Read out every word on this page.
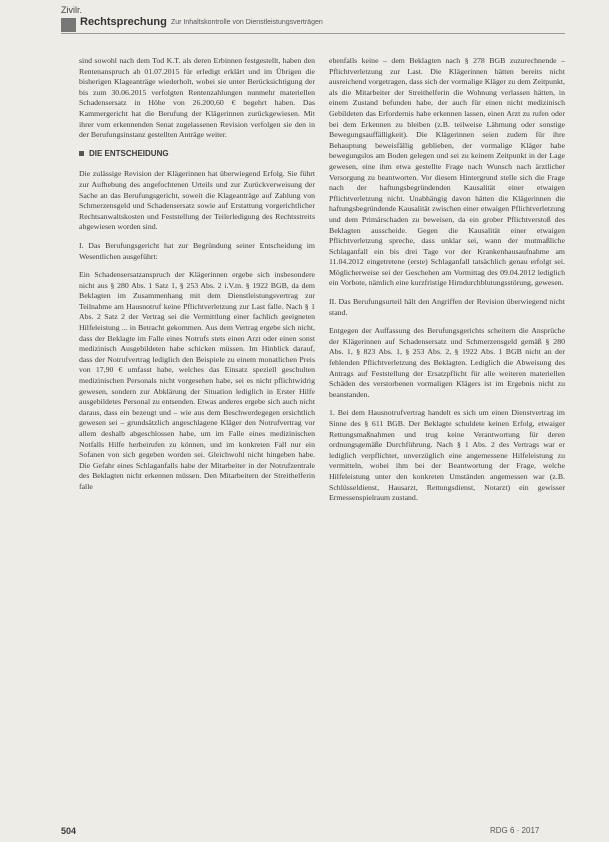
Zivilr.
Rechtsprechung Zur Inhaltskontrolle von Dienstleistungsverträgen

sind sowohl nach dem Tod K.T. als deren Erbinnen festgestellt, haben den Rentenanspruch ab 01.07.2015 für erledigt erklärt und im Übrigen die bisherigen Klageanträge wiederholt, wobei sie unter Berücksichtigung der bis zum 30.06.2015 verfolgten Rentenzahlungen nunmehr materiellen Schadensersatz in Höhe von 26.200,60 € begehrt haben. Das Kammergericht hat die Berufung der Klägerinnen zurückgewiesen. Mit ihrer vom erkennenden Senat zugelassenen Revision verfolgen sie den in der Berufungsinstanz gestellten Anträge weiter.

DIE ENTSCHEIDUNG

Die zulässige Revision der Klägerinnen hat überwiegend Erfolg. Sie führt zur Aufhebung des angefochtenen Urteils und zur Zurückverweisung der Sache an das Berufungsgericht, soweit die Klageanträge auf Zahlung von Schmerzensgeld und Schadensersatz sowie auf Erstattung vorgerichtlicher Rechtsanwaltskosten und Feststellung der Teilerledigung des Rechtsstreits abgewiesen worden sind.

I. Das Berufungsgericht hat zur Begründung seiner Entscheidung im Wesentlichen ausgeführt:

Ein Schadensersatzanspruch der Klägerinnen ergebe sich insbesondere nicht aus § 280 Abs. 1 Satz 1, § 253 Abs. 2 i.V.m. § 1922 BGB, da dem Beklagten im Zusammenhang mit dem Dienstleistungsvertrag zur Teilnahme am Hausnotruf keine Pflichtverletzung zur Last falle. Nach § 1 Abs. 2 Satz 2 der Vertrag sei die Vermittlung einer fachlich geeigneten Hilfeleistung ... in Betracht gekommen. Aus dem Vertrag ergebe sich nicht, dass der Beklagte im Falle eines Notrufs stets einen Arzt oder einen sonst medizinisch Ausgebildeten habe schicken müssen. Im Hinblick darauf, dass der Notrufvertrag lediglich den Beispiele zu einem monatlichen Preis von 17,90 € umfasst habe, welches das Einsatz speziell geschulten medizinischen Personals nicht vorgesehen habe, sei es nicht pflichtwidrig gewesen, sondern zur Abklärung der Situation lediglich in Erster Hilfe ausgebildetes Personal zu entsenden. Etwas anderes ergebe sich auch nicht daraus, dass ein bezeugt und – wie aus dem Beschwerdegegen ersichtlich gewesen sei – grundsätzlich angeschlagene Kläger den Notrufvertrag vor allem deshalb abgeschlossen habe, um im Falle eines medizinischen Notfalls Hilfe herbeirufen zu können, und im konkreten Fall nur ein Sofanen von sich gegeben worden sei. Gleichwohl nicht hingeben habe. Die Gefahr eines Schlaganfalls habe der Mitarbeiter in der Notrufzentrale des Beklagten nicht erkennen müssen. Den Mitarbeitern der Streithelferin falle

ebenfalls keine – dem Beklagten nach § 278 BGB zuzurechnende – Pflichtverletzung zur Last. Die Klägerinnen hätten bereits nicht ausreichend vorgetragen, dass sich der vormalige Kläger zu dem Zeitpunkt, als die Mitarbeiter der Streithelferin die Wohnung verlassen hätten, in einem Zustand befunden habe, der auch für einen nicht medizinisch Gebildeten das Erfordernis habe erkennen lassen, einen Arzt zu rufen oder bei dem Erkennen zu bleiben (z.B. teilweise Lähmung oder sonstige Bewegungsauffälligkeit). Die Klägerinnen seien zudem für ihre Behauptung beweisfällig geblieben, der vormalige Kläger habe bewegungslos am Boden gelegen und sei zu keinem Zeitpunkt in der Lage gewesen, eine ihm etwa gestellte Frage nach Wunsch nach ärztlicher Versorgung zu beantworten. Vor diesem Hintergrund stelle sich die Frage nach der haftungsbegründenden Kausalität einer etwaigen Pflichtverletzung nicht. Unabhängig davon hätten die Klägerinnen die haftungsbegründende Kausalität zwischen einer etwaigen Pflichtverletzung und dem Primärschaden zu beweisen, da ein grober Pflichtverstoß des Beklagten ausscheide. Gegen die Kausalität einer etwaigen Pflichtverletzung spreche, dass unklar sei, wann der mutmaßliche Schlaganfall ein bis drei Tage vor der Krankenhausaufnahme am 11.04.2012 eingetretene (erste) Schlaganfall tatsächlich genau erfolgt sei. Möglicherweise sei der Geschehen am Vormittag des 09.04.2012 lediglich ein Vorbote, nämlich eine kurzfristige Hirndurchblutungsstörung, gewesen.

II. Das Berufungsurteil hält den Angriffen der Revision überwiegend nicht stand.

Entgegen der Auffassung des Berufungsgerichts scheitern die Ansprüche der Klägerinnen auf Schadensersatz und Schmerzensgeld gemäß § 280 Abs. 1, § 823 Abs. 1, § 253 Abs. 2, § 1922 Abs. 1 BGB nicht an der fehlenden Pflichtverletzung des Beklagten. Lediglich die Abweisung des Antrags auf Feststellung der Ersatzpflicht für alle weiteren materiellen Schäden des verstorbenen vormaligen Klägers ist im Ergebnis nicht zu beanstanden.

1. Bei dem Hausnotrufvertrag handelt es sich um einen Dienstvertrag im Sinne des § 611 BGB. Der Beklagte schuldete keinen Erfolg, etwaiger Rettungsmaßnahmen und trug keine Verantwortung für deren ordnungsgemäße Durchführung. Nach § 1 Abs. 2 des Vertrags war er lediglich verpflichtet, unverzüglich eine angemessene Hilfeleistung zu vermitteln, wobei ihm bei der Beantwortung der Frage, welche Hilfeleistung unter den konkreten Umständen angemessen war (z.B. Schlüsseldienst, Hausarzt, Rettungsdienst, Notarzt) ein gewisser Ermessenspielraum zustand.

504	RDG 6 · 2017
